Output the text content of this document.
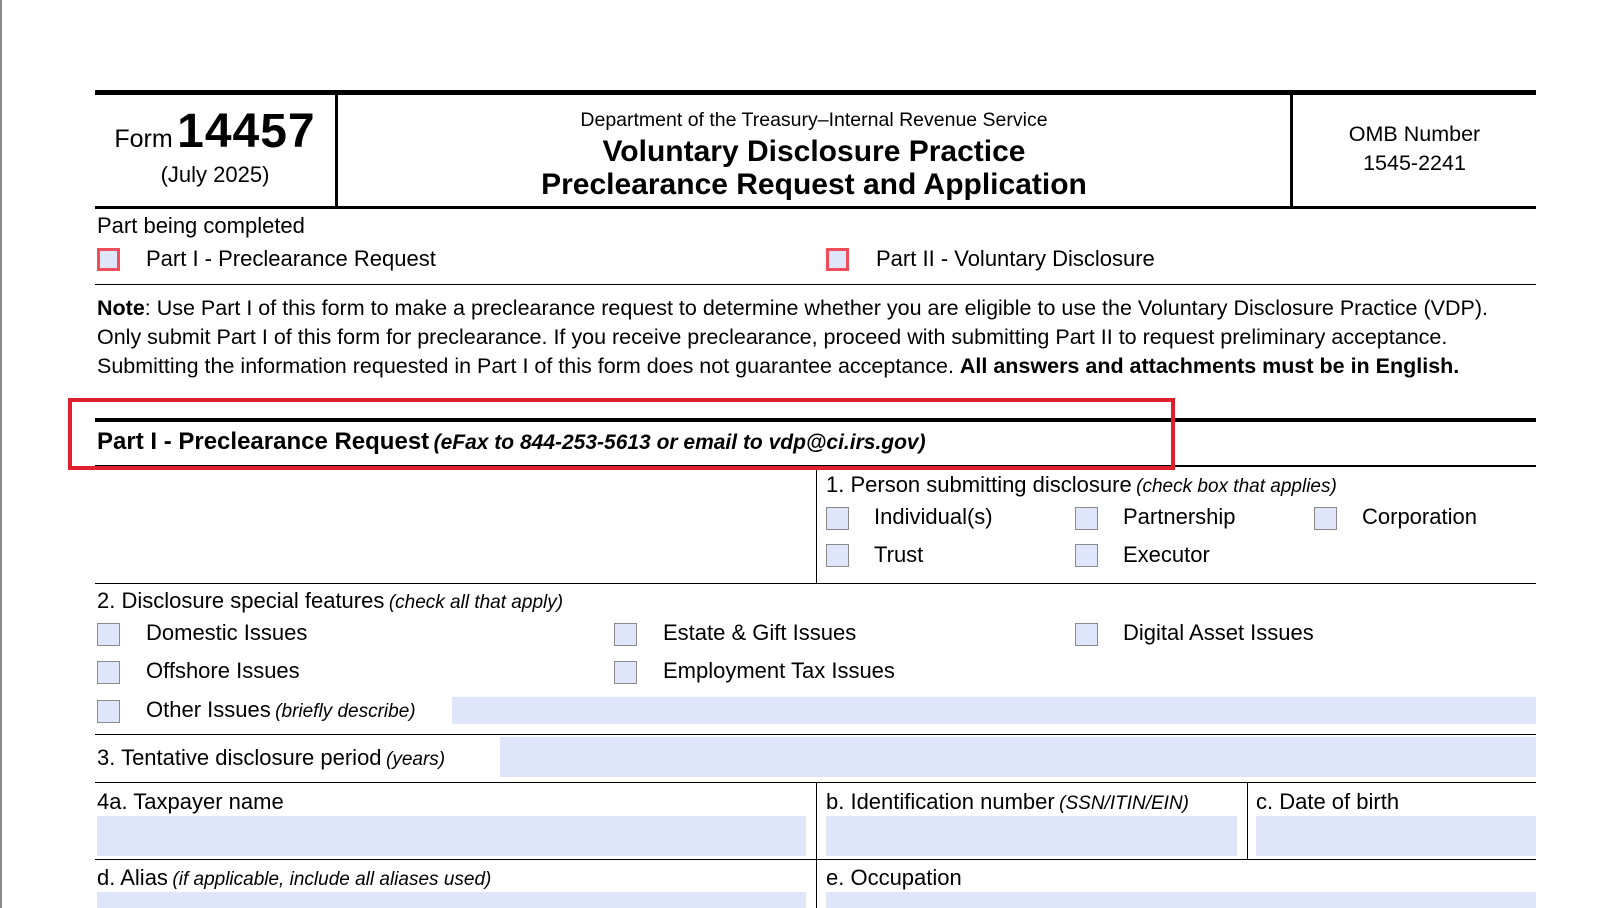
Form 14457
(July 2025)
Department of the Treasury–Internal Revenue Service
Voluntary Disclosure Practice
Preclearance Request and Application
OMB Number
1545-2241
Part being completed
Part I - Preclearance Request	Part II - Voluntary Disclosure
Note: Use Part I of this form to make a preclearance request to determine whether you are eligible to use the Voluntary Disclosure Practice (VDP). Only submit Part I of this form for preclearance. If you receive preclearance, proceed with submitting Part II to request preliminary acceptance. Submitting the information requested in Part I of this form does not guarantee acceptance. All answers and attachments must be in English.
Part I - Preclearance Request (eFax to 844-253-5613 or email to vdp@ci.irs.gov)
1. Person submitting disclosure (check box that applies)
Individual(s)	Partnership	Corporation
Trust	Executor
2. Disclosure special features (check all that apply)
Domestic Issues	Estate & Gift Issues	Digital Asset Issues
Offshore Issues	Employment Tax Issues
Other Issues (briefly describe)
3. Tentative disclosure period (years)
4a. Taxpayer name	b. Identification number (SSN/ITIN/EIN)	c. Date of birth
d. Alias (if applicable, include all aliases used)	e. Occupation
